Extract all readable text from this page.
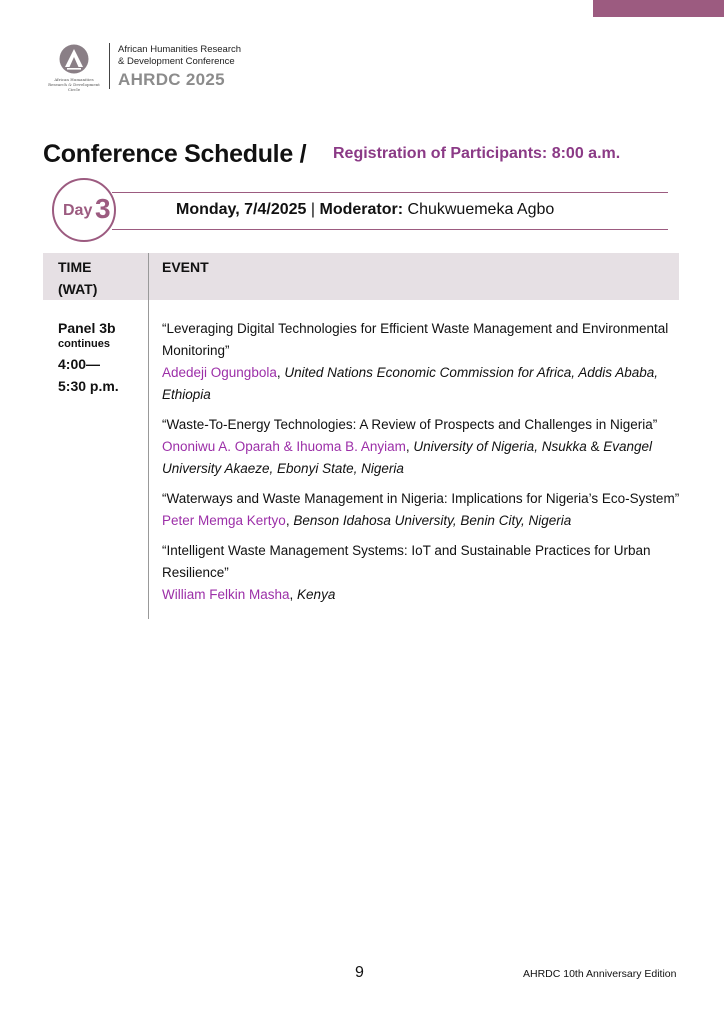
African Humanities Research & Development Circle
African Humanities Research
& Development Conference
AHRDC 2025
Conference Schedule / Registration of Participants: 8:00 a.m.
Day 3	Monday, 7/4/2025 | Moderator: Chukwuemeka Agbo
TIME
(WAT)
EVENT
Panel 3b
continues
4:00—
5:30 p.m.
“Leveraging Digital Technologies for Efficient Waste Management and Environmental Monitoring”
Adedeji Ogungbola, United Nations Economic Commission for Africa, Addis Ababa, Ethiopia
“Waste-To-Energy Technologies: A Review of Prospects and Challenges in Nigeria”
Ononiwu A. Oparah & Ihuoma B. Anyiam, University of Nigeria, Nsukka & Evangel University Akaeze, Ebonyi State, Nigeria
“Waterways and Waste Management in Nigeria: Implications for Nigeria’s Eco-System”
Peter Memga Kertyo, Benson Idahosa University, Benin City, Nigeria
“Intelligent Waste Management Systems: IoT and Sustainable Practices for Urban Resilience”
William Felkin Masha, Kenya
9	AHRDC 10th Anniversary Edition
